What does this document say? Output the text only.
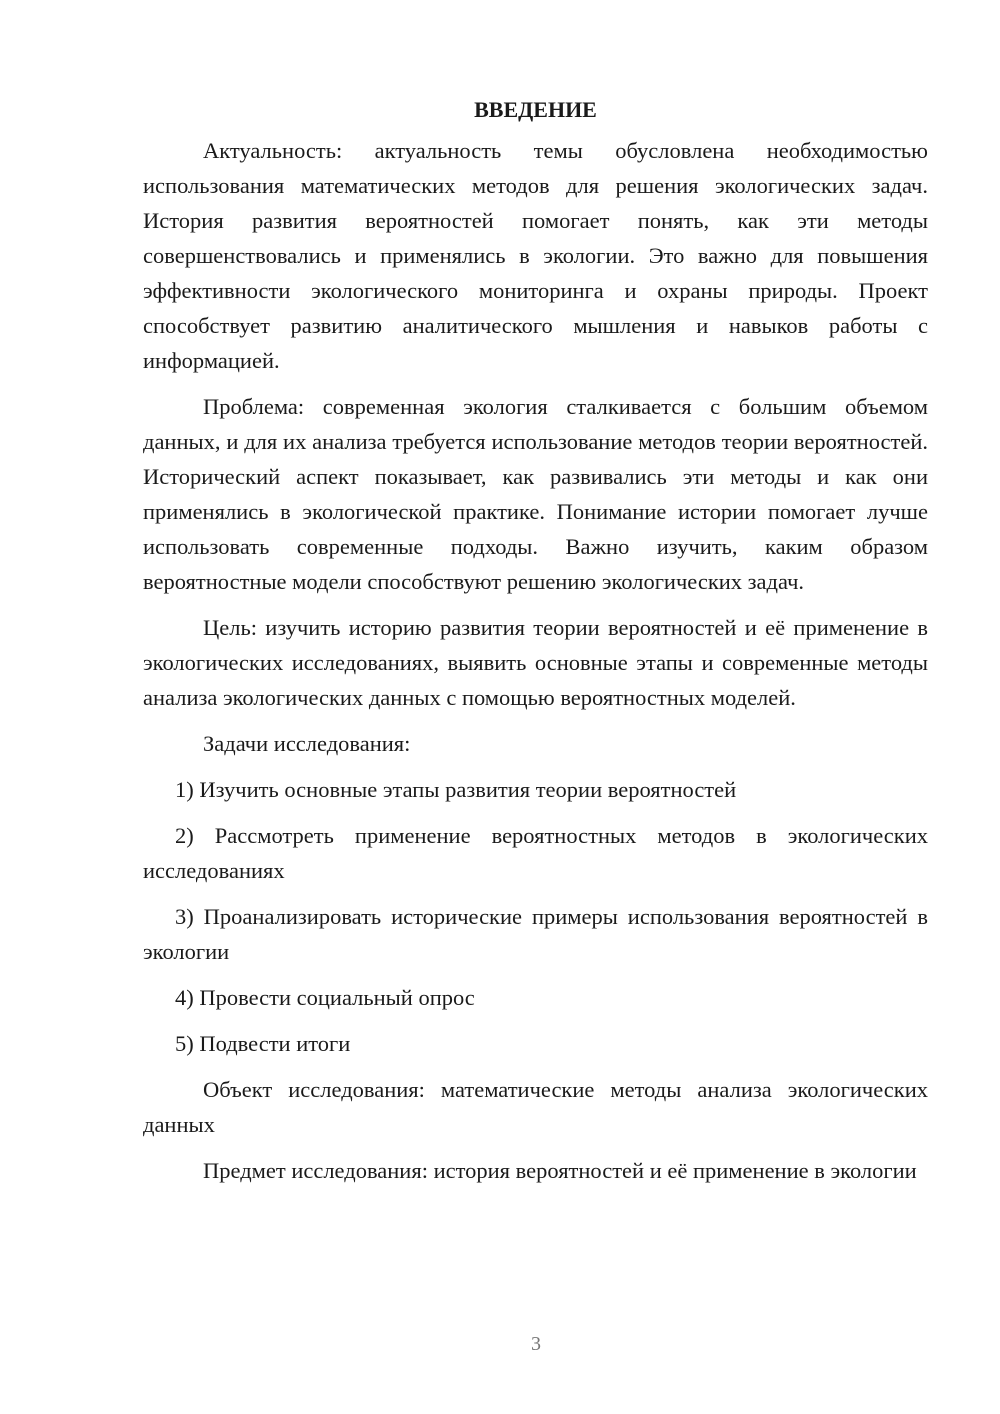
ВВЕДЕНИЕ

Актуальность: актуальность темы обусловлена необходимостью использования математических методов для решения экологических задач. История развития вероятностей помогает понять, как эти методы совершенствовались и применялись в экологии. Это важно для повышения эффективности экологического мониторинга и охраны природы. Проект способствует развитию аналитического мышления и навыков работы с информацией.

Проблема: современная экология сталкивается с большим объемом данных, и для их анализа требуется использование методов теории вероятностей. Исторический аспект показывает, как развивались эти методы и как они применялись в экологической практике. Понимание истории помогает лучше использовать современные подходы. Важно изучить, каким образом вероятностные модели способствуют решению экологических задач.

Цель: изучить историю развития теории вероятностей и её применение в экологических исследованиях, выявить основные этапы и современные методы анализа экологических данных с помощью вероятностных моделей.

Задачи исследования:

1) Изучить основные этапы развития теории вероятностей

2) Рассмотреть применение вероятностных методов в экологических исследованиях

3) Проанализировать исторические примеры использования вероятностей в экологии

4) Провести социальный опрос

5) Подвести итоги

Объект исследования: математические методы анализа экологических данных

Предмет исследования: история вероятностей и её применение в экологии

3
